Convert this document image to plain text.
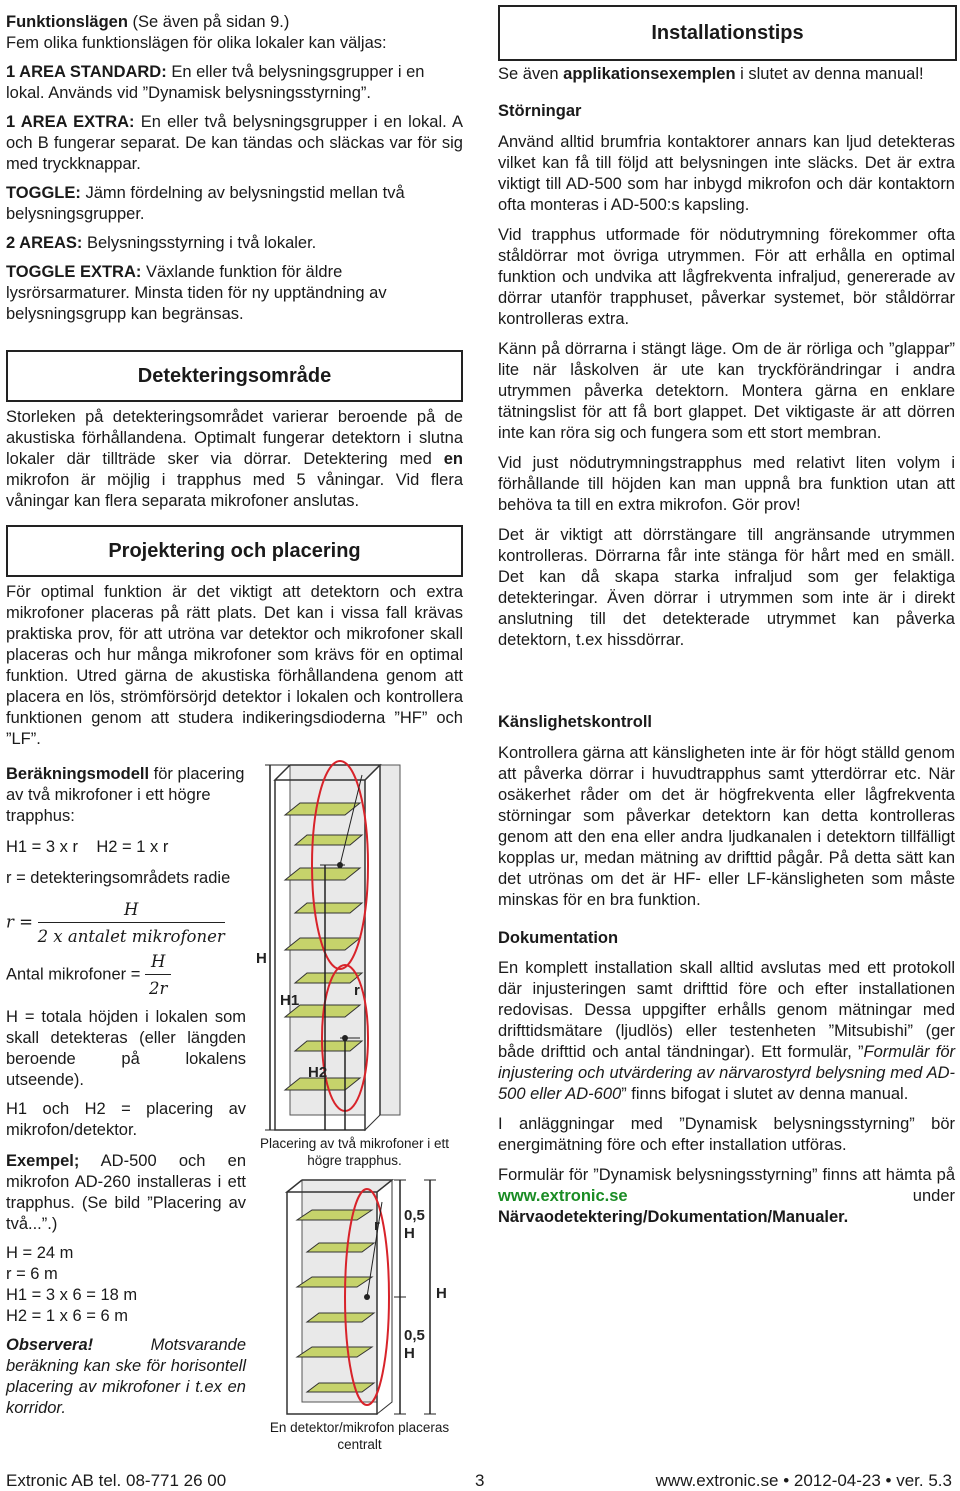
Funktionslägen (Se även på sidan 9.)

Fem olika funktionslägen för olika lokaler kan väljas:

1 AREA STANDARD: En eller två belysningsgrupper i en lokal. Används vid ”Dynamisk belysningsstyrning”.

1 AREA EXTRA: En eller två belysningsgrupper i en lokal. A och B fungerar separat. De kan tändas och släckas var för sig med tryckknappar.

TOGGLE: Jämn fördelning av belysningstid mellan två belysningsgrupper.

2 AREAS: Belysningsstyrning i två lokaler.

TOGGLE EXTRA: Växlande funktion för äldre lysrörsarmaturer. Minsta tiden för ny upptändning av belysningsgrupp kan begränsas.

Detekteringsområde

Storleken på detekteringsområdet varierar beroende på de akustiska förhållandena. Optimalt fungerar detektorn i slutna lokaler där tillträde sker via dörrar. Detektering med en mikrofon är möjlig i trapphus med 5 våningar. Vid flera våningar kan flera separata mikrofoner anslutas.

Projektering och placering

För optimal funktion är det viktigt att detektorn och extra mikrofoner placeras på rätt plats. Det kan i vissa fall krävas praktiska prov, för att utröna var detektor och mikrofoner skall placeras och hur många mikrofoner som krävs för en optimal funktion. Utred gärna de akustiska förhållandena genom att placera en lös, strömförsörjd detektor i lokalen och kontrollera funktionen genom att studera indikeringsdioderna ”HF” och ”LF”.

Beräkningsmodell för placering av två mikrofoner i ett högre trapphus:

H1 = 3 x r    H2 = 1 x r

r = detekteringsområdets radie

$r = \frac{H}{\text{2 x antalet mikrofoner}}$
Antal mikrofoner = $\frac{H}{2r}$

H = totala höjden i lokalen som skall detekteras (eller längden beroende på lokalens utseende).

H1 och H2 = placering av mikrofon/detektor.

Exempel; AD-500 och en mikrofon AD-260 installeras i ett trapphus. (Se bild ”Placering av två...”.)

H = 24 m

r = 6 m

H1 = 3 x 6 = 18 m

H2 = 1 x 6 = 6 m

Observera! Motsvarande beräkning kan ske för horisontell placering av mikrofoner i t.ex en korridor.

H
H1
H2
r
Placering av två mikrofoner i ett högre trapphus.
r
0,5
H
H
0,5
H
En detektor/mikrofon placeras centralt
Installationstips

Se även applikationsexemplen i slutet av denna manual!

Störningar

Använd alltid brumfria kontaktorer annars kan ljud detekteras vilket kan få till följd att belysningen inte släcks. Det är extra viktigt till AD-500 som har inbygd mikrofon och där kontaktorn ofta monteras i AD-500:s kapsling.

Vid trapphus utformade för nödutrymning förekommer ofta ståldörrar mot övriga utrymmen. För att erhålla en optimal funktion och undvika att lågfrekventa infraljud, genererade av dörrar utanför trapphuset, påverkar systemet, bör ståldörrar kontrolleras extra.

Känn på dörrarna i stängt läge. Om de är rörliga och ”glappar” lite när låskolven är ute kan tryckförändringar i andra utrymmen påverka detektorn. Montera gärna en enklare tätningslist för att få bort glappet. Det viktigaste är att dörren inte kan röra sig och fungera som ett stort membran.

Vid just nödutrymningstrapphus med relativt liten volym i förhållande till höjden kan man uppnå bra funktion utan att behöva ta till en extra mikrofon. Gör prov!

Det är viktigt att dörrstängare till angränsande utrymmen kontrolleras. Dörrarna får inte stänga för hårt med en smäll. Det kan då skapa starka infraljud som ger felaktiga detekteringar. Även dörrar i utrymmen som inte är i direkt anslutning till det detekterade utrymmet kan påverka detektorn, t.ex hissdörrar.

Känslighetskontroll

Kontrollera gärna att känsligheten inte är för högt ställd genom att påverka dörrar i huvudtrapphus samt ytterdörrar etc. När osäkerhet råder om det är högfrekventa eller lågfrekventa störningar som påverkar detektorn kan detta kontrolleras genom att den ena eller andra ljudkanalen i detektorn tillfälligt kopplas ur, medan mätning av drifttid pågår. På detta sätt kan det utrönas om det är HF- eller LF-känsligheten som måste minskas för en bra funktion.

Dokumentation

En komplett installation skall alltid avslutas med ett protokoll där injusteringen samt drifttid före och efter installationen redovisas. Dessa uppgifter erhålls genom mätningar med drifttidsmätare (ljudlös) eller testenheten ”Mitsubishi” (ger både drifttid och antal tändningar). Ett formulär, ”Formulär för injustering och utvärdering av närvarostyrd belysning med AD-500 eller AD-600” finns bifogat i slutet av denna manual.

I anläggningar med ”Dynamisk belysningsstyrning” bör energimätning före och efter installation utföras.

Formulär för ”Dynamisk belysningsstyrning” finns att hämta på www.extronic.se under Närvaodetektering/Dokumentation/Manualer.

Extronic AB tel. 08-771 26 00	3	www.extronic.se • 2012-04-23 • ver. 5.3
